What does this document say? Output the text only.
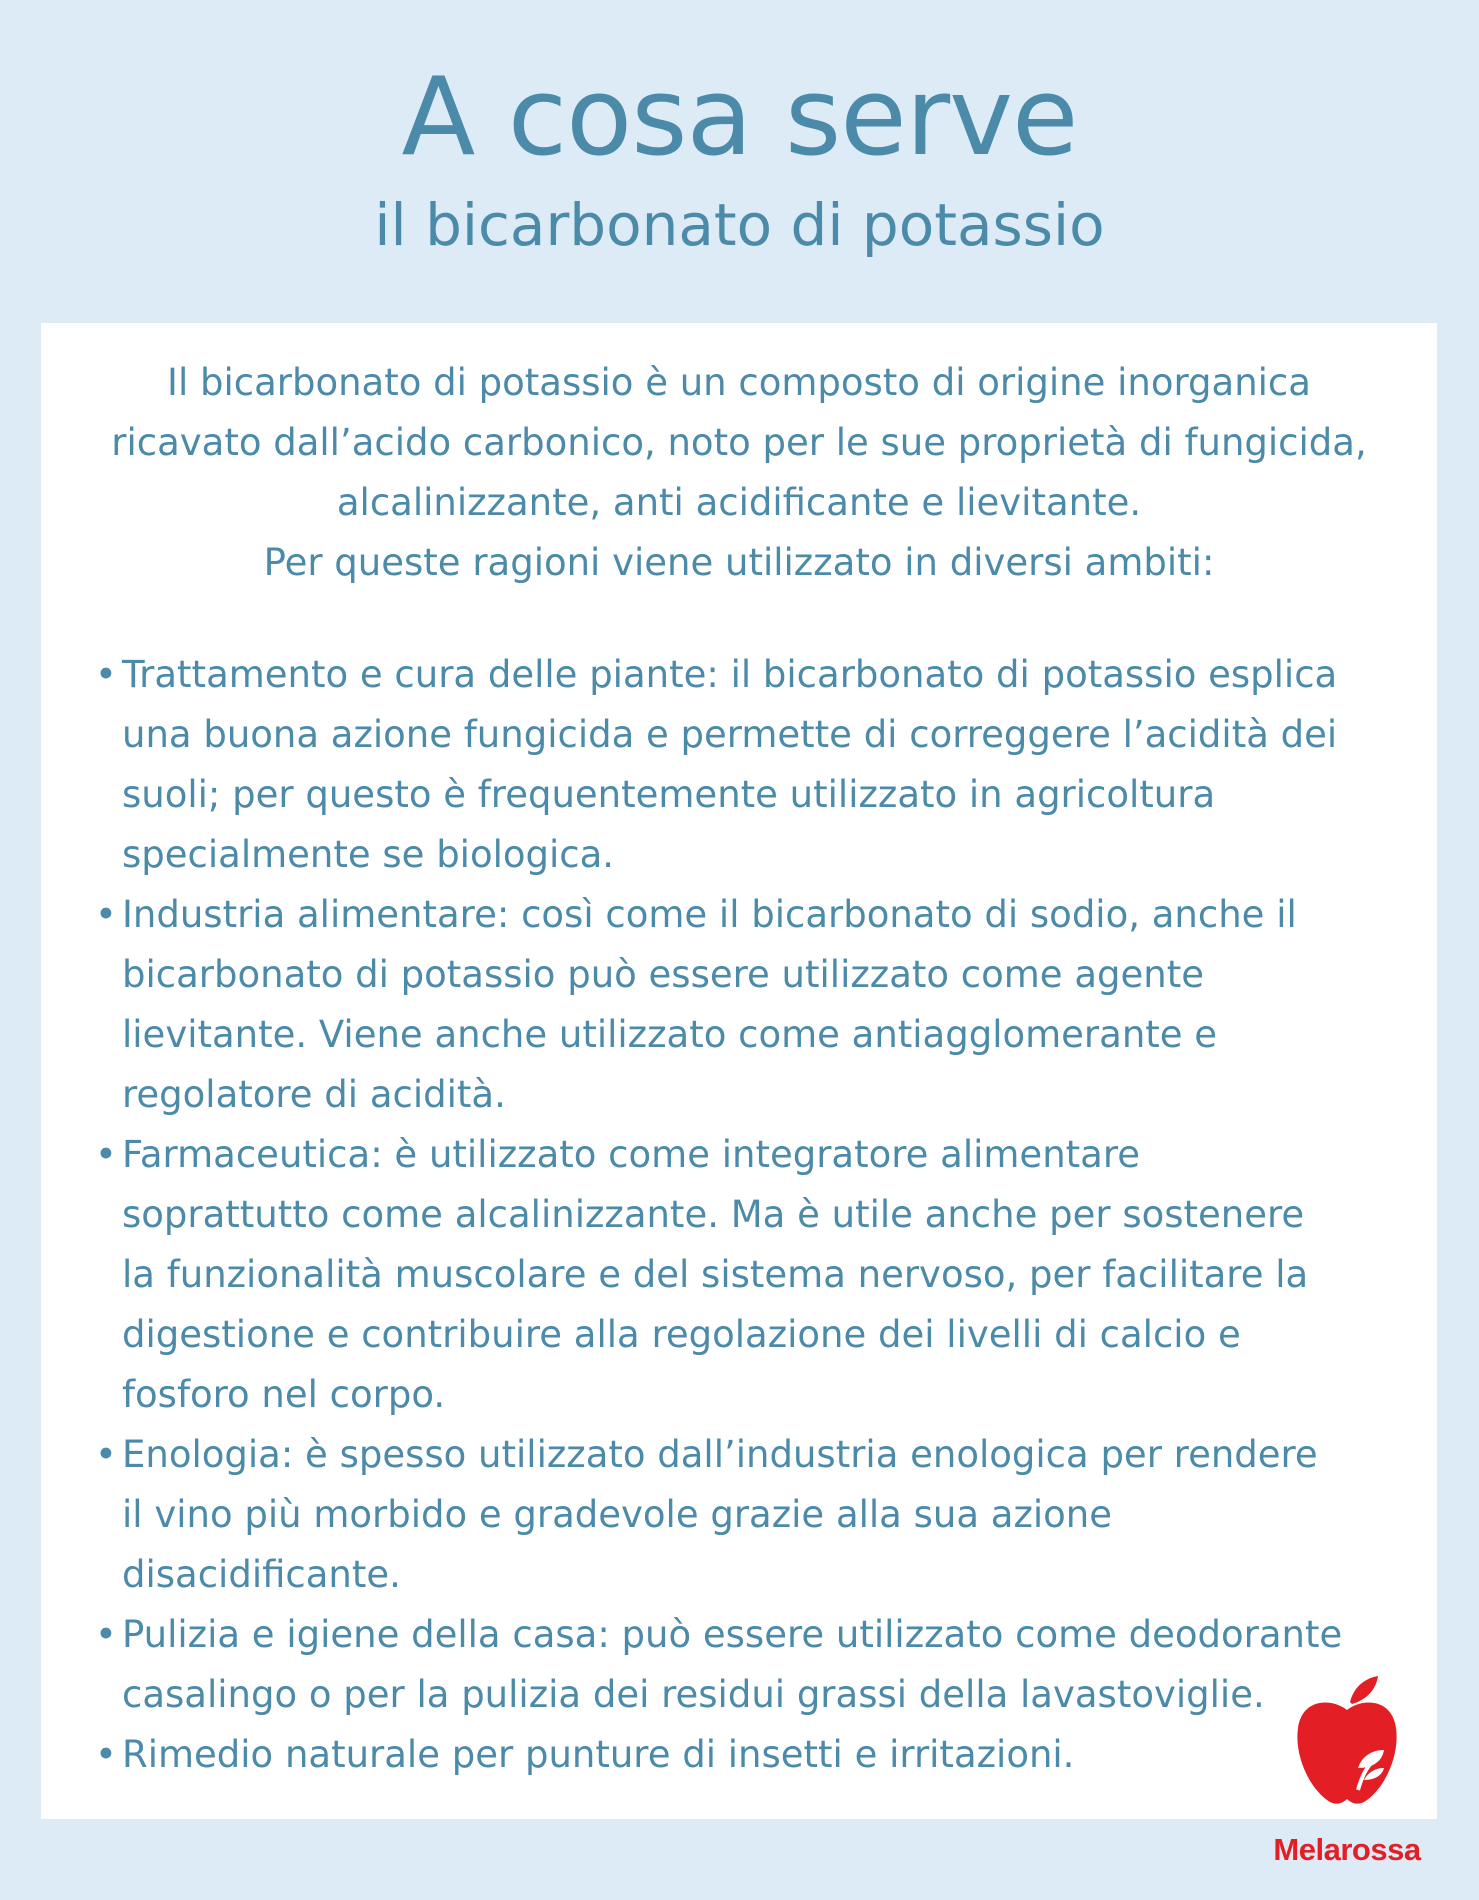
A cosa serve
il bicarbonato di potassio

Il bicarbonato di potassio è un composto di origine inorganica

ricavato dall’acido carbonico, noto per le sue proprietà di fungicida,

alcalinizzante, anti acidificante e lievitante.

Per queste ragioni viene utilizzato in diversi ambiti:

• Trattamento e cura delle piante: il bicarbonato di potassio esplica
una buona azione fungicida e permette di correggere l’acidità dei
suoli; per questo è frequentemente utilizzato in agricoltura
specialmente se biologica.
• Industria alimentare: così come il bicarbonato di sodio, anche il
bicarbonato di potassio può essere utilizzato come agente
lievitante. Viene anche utilizzato come antiagglomerante e
regolatore di acidità.
• Farmaceutica: è utilizzato come integratore alimentare
soprattutto come alcalinizzante. Ma è utile anche per sostenere
la funzionalità muscolare e del sistema nervoso, per facilitare la
digestione e contribuire alla regolazione dei livelli di calcio e
fosforo nel corpo.
• Enologia: è spesso utilizzato dall’industria enologica per rendere
il vino più morbido e gradevole grazie alla sua azione
disacidificante.
• Pulizia e igiene della casa: può essere utilizzato come deodorante
casalingo o per la pulizia dei residui grassi della lavastoviglie.
• Rimedio naturale per punture di insetti e irritazioni.
Melarossa
